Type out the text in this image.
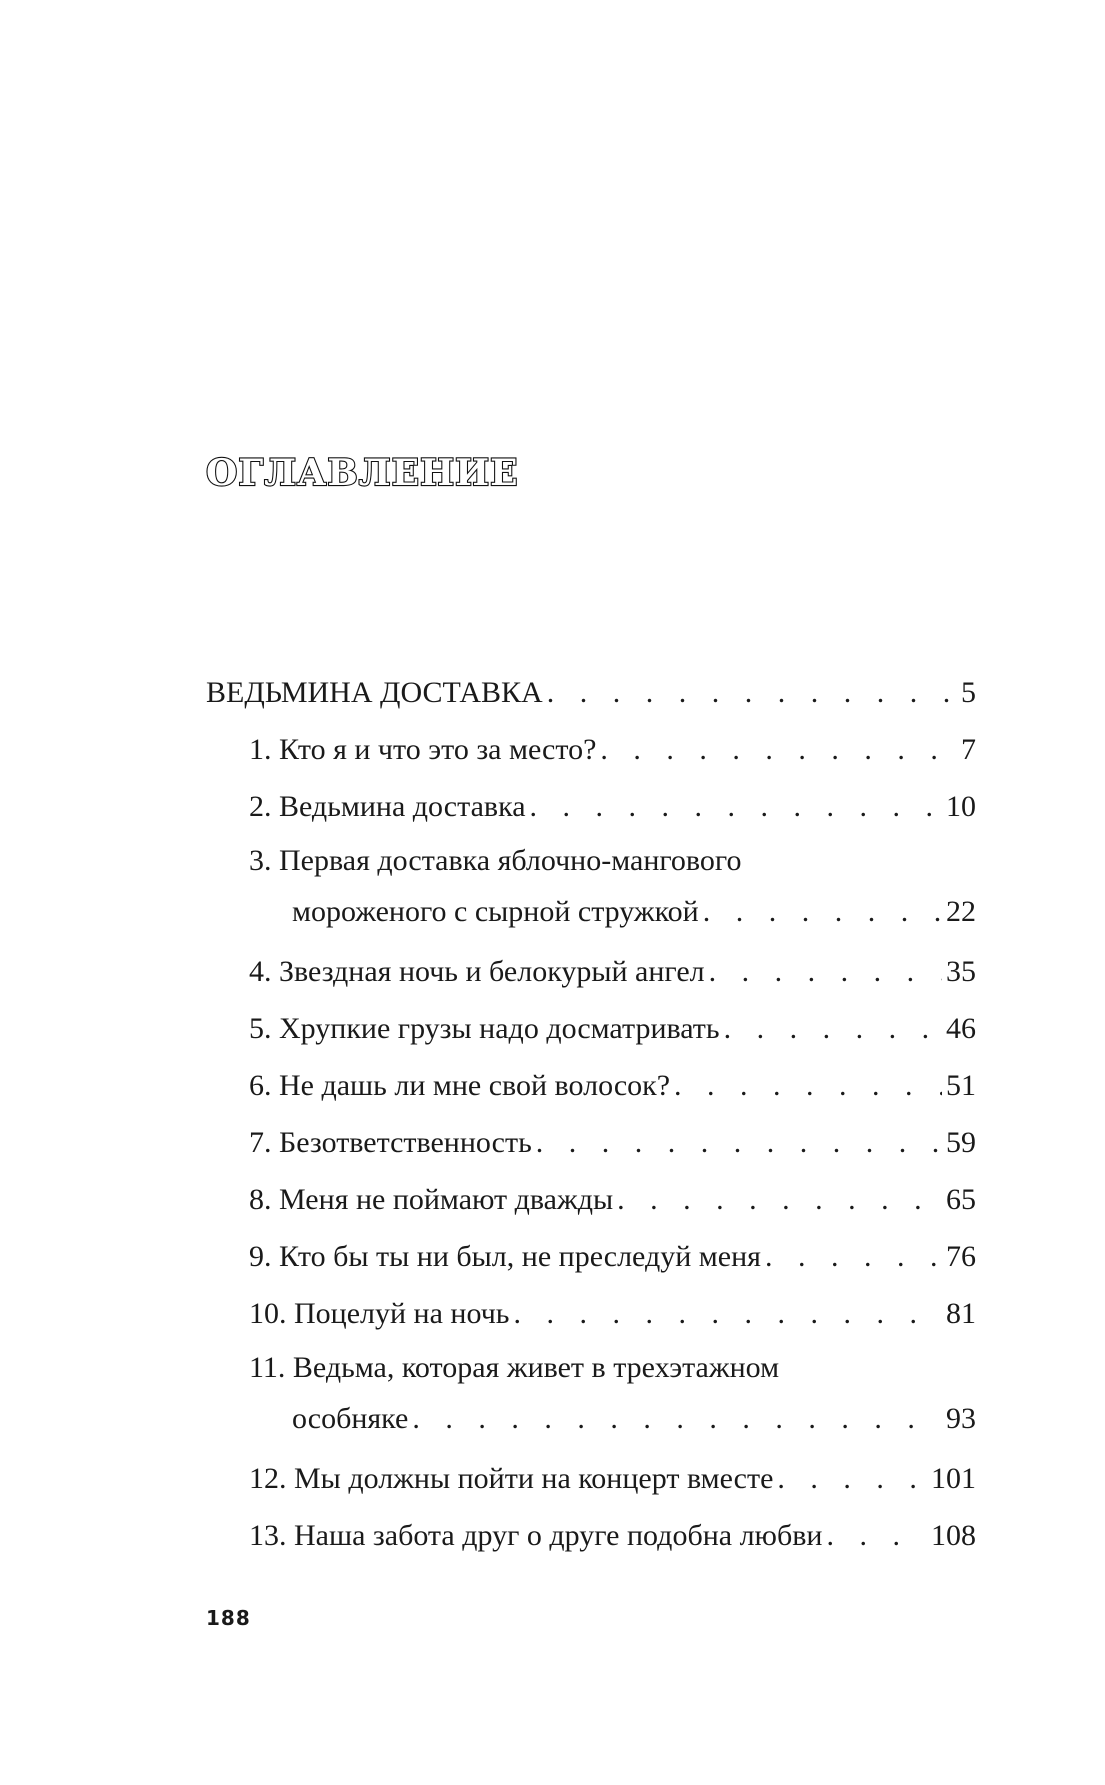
ОГЛАВЛЕНИЕ
ВЕДЬМИНА ДОСТАВКА . . .	5
1. Кто я и что это за место? . . .	7
2. Ведьмина доставка . . .	10
3. Первая доставка яблочно-мангового
мороженого с сырной стружкой . . .	22
4. Звездная ночь и белокурый ангел . . .	35
5. Хрупкие грузы надо досматривать . . .	46
6. Не дашь ли мне свой волосок? . . .	51
7. Безответственность . . .	59
8. Меня не поймают дважды . . .	65
9. Кто бы ты ни был, не преследуй меня . . .	76
10. Поцелуй на ночь . . .	81
11. Ведьма, которая живет в трехэтажном
особняке . . .	93
12. Мы должны пойти на концерт вместе . . .	101
13. Наша забота друг о друге подобна любви . . .	108
188
